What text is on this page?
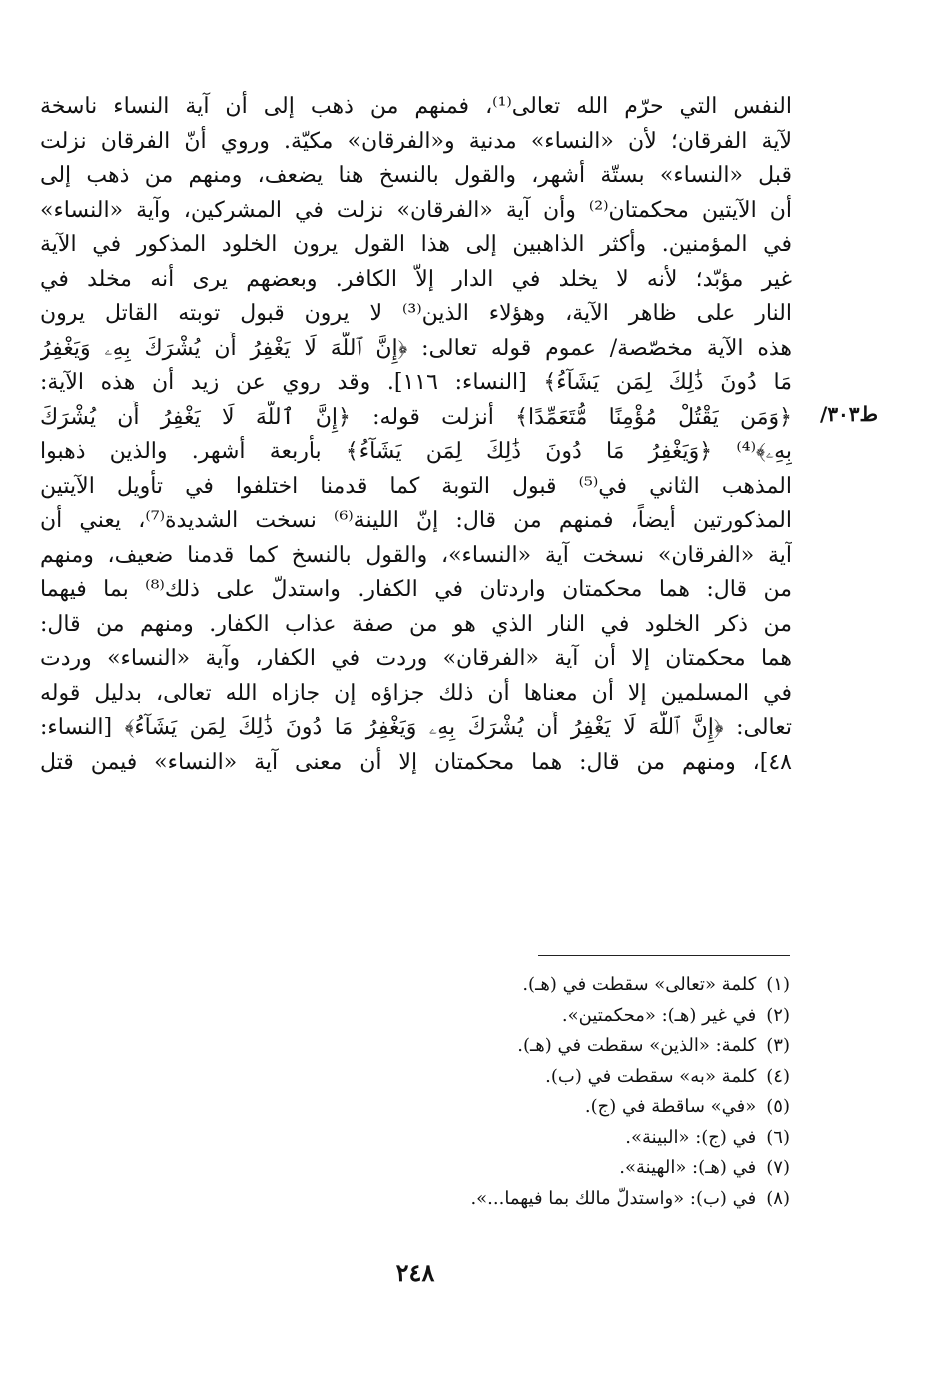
ط۳۰۳/
النفس التي حرّم الله تعالى⁽¹⁾، فمنهم من ذهب إلى أن آية النساء ناسخة
لآية الفرقان؛ لأن «النساء» مدنية و«الفرقان» مكيّة. وروي أنّ الفرقان نزلت
قبل «النساء» بستّة أشهر، والقول بالنسخ هنا يضعف، ومنهم من ذهب إلى
أن الآيتين محكمتان⁽²⁾ وأن آية «الفرقان» نزلت في المشركين، وآية «النساء»
في المؤمنين. وأكثر الذاهبين إلى هذا القول يرون الخلود المذكور في الآية
غير مؤبّد؛ لأنه لا يخلد في الدار إلاّ الكافر. وبعضهم يرى أنه مخلد في
النار على ظاهر الآية، وهؤلاء الذين⁽³⁾ لا يرون قبول توبته القاتل يرون
هذه الآية مخصّصة/ عموم قوله تعالى: ﴿إِنَّ ٱللَّهَ لَا يَغْفِرُ أَن يُشْرَكَ بِهِۦ وَيَغْفِرُ
مَا دُونَ ذَٰلِكَ لِمَن يَشَآءُ﴾ [النساء: ١١٦]. وقد روي عن زيد أن هذه الآية:
﴿وَمَن يَقْتُلْ مُؤْمِنًا مُّتَعَمِّدًا﴾ أنزلت قوله: ﴿إِنَّ ٱللَّهَ لَا يَغْفِرُ أَن يُشْرَكَ
بِهِۦ﴾⁽⁴⁾ ﴿وَيَغْفِرُ مَا دُونَ ذَٰلِكَ لِمَن يَشَآءُ﴾ بأربعة أشهر. والذين ذهبوا
المذهب الثاني في⁽⁵⁾ قبول التوبة كما قدمنا اختلفوا في تأويل الآيتين
المذكورتين أيضاً، فمنهم من قال: إنّ اللينة⁽⁶⁾ نسخت الشديدة⁽⁷⁾، يعني أن
آية «الفرقان» نسخت آية «النساء»، والقول بالنسخ كما قدمنا ضعيف، ومنهم
من قال: هما محكمتان واردتان في الكفار. واستدلّ على ذلك⁽⁸⁾ بما فيهما
من ذكر الخلود في النار الذي هو من صفة عذاب الكفار. ومنهم من قال:
هما محكمتان إلا أن آية «الفرقان» وردت في الكفار، وآية «النساء» وردت
في المسلمين إلا أن معناها أن ذلك جزاؤه إن جازاه الله تعالى، بدليل قوله
تعالى: ﴿إِنَّ ٱللَّهَ لَا يَغْفِرُ أَن يُشْرَكَ بِهِۦ وَيَغْفِرُ مَا دُونَ ذَٰلِكَ لِمَن يَشَآءُ﴾ [النساء:
٤٨]، ومنهم من قال: هما محكمتان إلا أن معنى آية «النساء» فيمن قتل
(١)كلمة «تعالى» سقطت في (هـ).
(٢)في غير (هـ): «محكمتين».
(٣)كلمة: «الذين» سقطت في (هـ).
(٤)كلمة «به» سقطت في (ب).
(٥)«في» ساقطة في (ج).
(٦)في (ج): «البينة».
(٧)في (هـ): «الهينة».
(٨)في (ب): «واستدلّ مالك بما فيهما...».
٢٤٨
